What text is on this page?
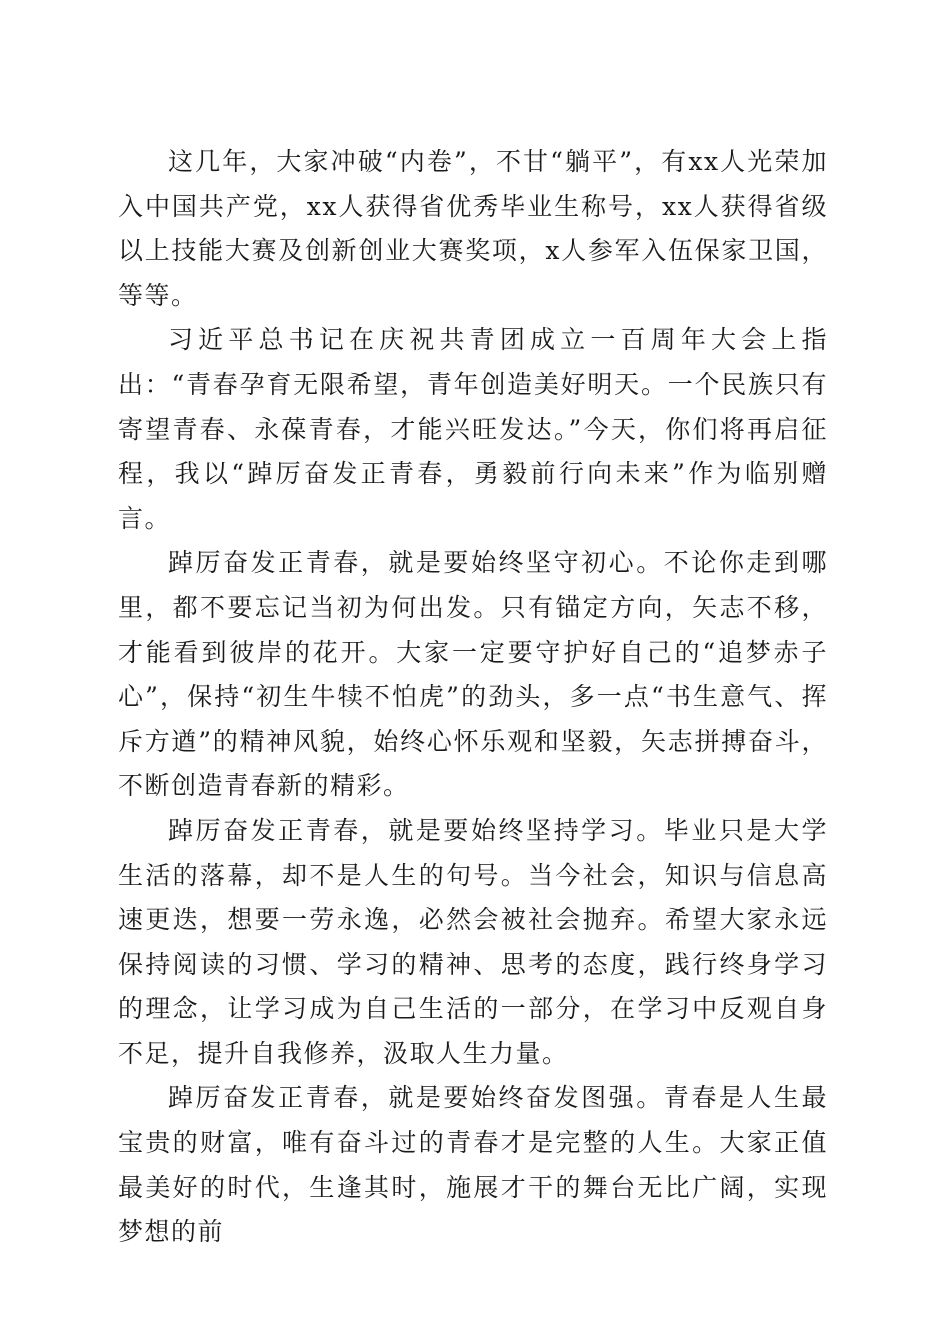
这几年，大家冲破“内卷”，不甘“躺平”，有xx人光荣加入中国共产党，xx人获得省优秀毕业生称号，xx人获得省级以上技能大赛及创新创业大赛奖项，x人参军入伍保家卫国，等等。

习近平总书记在庆祝共青团成立一百周年大会上指出：“青春孕育无限希望，青年创造美好明天。一个民族只有寄望青春、永葆青春，才能兴旺发达。”今天，你们将再启征程，我以“踔厉奋发正青春，勇毅前行向未来”作为临别赠言。

踔厉奋发正青春，就是要始终坚守初心。不论你走到哪里，都不要忘记当初为何出发。只有锚定方向，矢志不移，才能看到彼岸的花开。大家一定要守护好自己的“追梦赤子心”，保持“初生牛犊不怕虎”的劲头，多一点“书生意气、挥斥方遒”的精神风貌，始终心怀乐观和坚毅，矢志拼搏奋斗，不断创造青春新的精彩。

踔厉奋发正青春，就是要始终坚持学习。毕业只是大学生活的落幕，却不是人生的句号。当今社会，知识与信息高速更迭，想要一劳永逸，必然会被社会抛弃。希望大家永远保持阅读的习惯、学习的精神、思考的态度，践行终身学习的理念，让学习成为自己生活的一部分，在学习中反观自身不足，提升自我修养，汲取人生力量。

踔厉奋发正青春，就是要始终奋发图强。青春是人生最宝贵的财富，唯有奋斗过的青春才是完整的人生。大家正值最美好的时代，生逢其时，施展才干的舞台无比广阔，实现梦想的前
